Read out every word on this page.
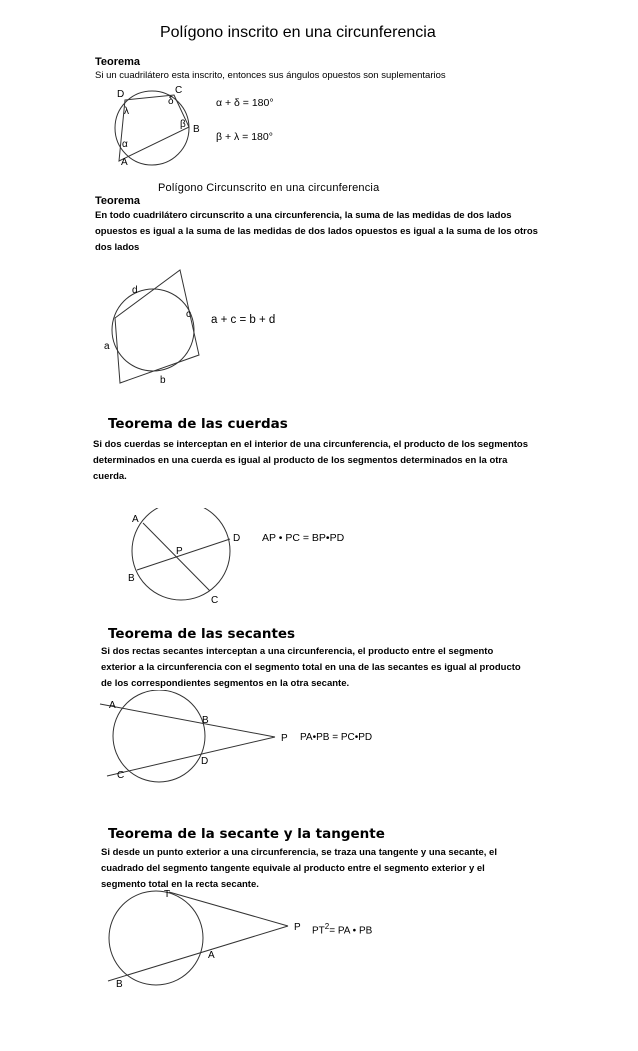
Polígono inscrito en una circunferencia
Teorema
Si un cuadrilátero esta inscrito, entonces sus ángulos opuestos son suplementarios
D	C
B
A
λ
δ
β
α
α + δ = 180°
β + λ = 180°
Polígono Circunscrito en una circunferencia
Teorema
En todo cuadrilátero circunscrito a una circunferencia, la suma de las medidas de dos lados
opuestos es igual a la suma de las medidas de dos lados opuestos es igual a la suma de los otros
dos lados
d
c
a
b
a + c = b + d
Teorema de las cuerdas
Si dos cuerdas se interceptan en el interior de una circunferencia, el producto de los segmentos
determinados en una cuerda es igual al producto de los segmentos determinados en la otra
cuerda.
A
B
C
D
P
AP • PC = BP•PD
Teorema de las secantes
Si dos rectas secantes interceptan a una circunferencia, el producto entre el segmento
exterior a la circunferencia con el segmento total en una de las secantes es igual al producto
de los correspondientes segmentos en la otra secante.
A
B
C
D
P PA•PB = PC•PD
Teorema de la secante y la tangente
Si desde un punto exterior a una circunferencia, se traza una tangente y una secante, el
cuadrado del segmento tangente equivale al producto entre el segmento exterior y el
segmento total en la recta secante.
T
P
A
B
$PT^2=$ PA • PB
